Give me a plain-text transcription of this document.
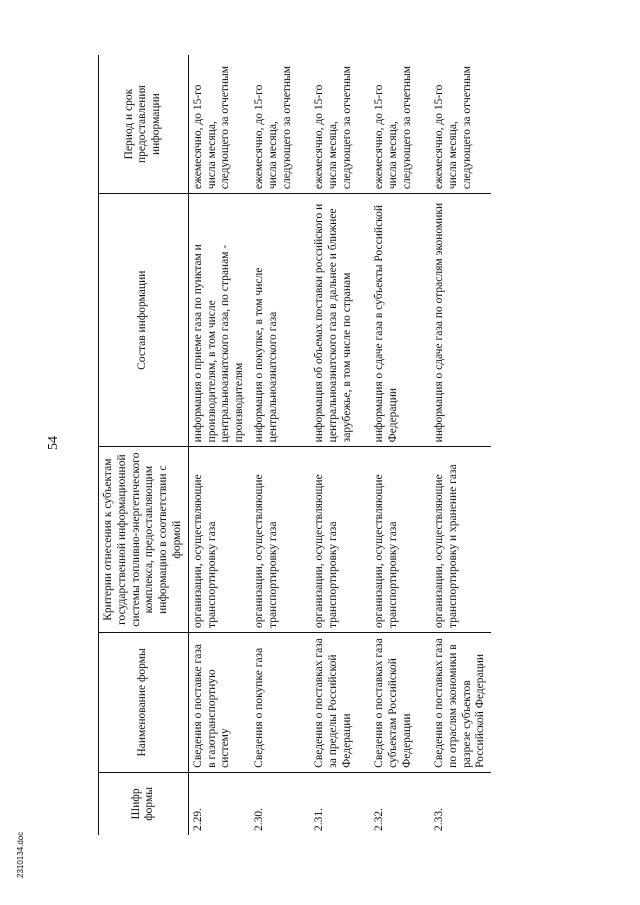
54
Шифр формы	Наименование формы	Критерии отнесения к субъектам государственной информационной системы топливно-энергетического комплекса, предоставляющим информацию в соответствии с формой	Состав информации	Период и срок предоставления информации
2.29.	Сведения о поставке газа в газотранспортную систему	организации, осуществляющие транспортировку газа	информация о приеме газа по пунктам и производителям, в том числе центральноазиатского газа, по странам - производителям	ежемесячно, до 15-го числа месяца, следующего за отчетным
2.30.	Сведения о покупке газа	организации, осуществляющие транспортировку газа	информация о покупке, в том числе центральноазиатского газа	ежемесячно, до 15-го числа месяца, следующего за отчетным
2.31.	Сведения о поставках газа за пределы Российской Федерации	организации, осуществляющие транспортировку газа	информация об объемах поставки российского и центральноазиатского газа в дальнее и ближнее зарубежье, в том числе по странам	ежемесячно, до 15-го числа месяца, следующего за отчетным
2.32.	Сведения о поставках газа субъектам Российской Федерации	организации, осуществляющие транспортировку газа	информация о сдаче газа в субъекты Российской Федерации	ежемесячно, до 15-го числа месяца, следующего за отчетным
2.33.	Сведения о поставках газа по отраслям экономики в разрезе субъектов Российской Федерации	организации, осуществляющие транспортировку и хранение газа	информация о сдаче газа по отраслям экономики	ежемесячно, до 15-го числа месяца, следующего за отчетным
2310134.doc
